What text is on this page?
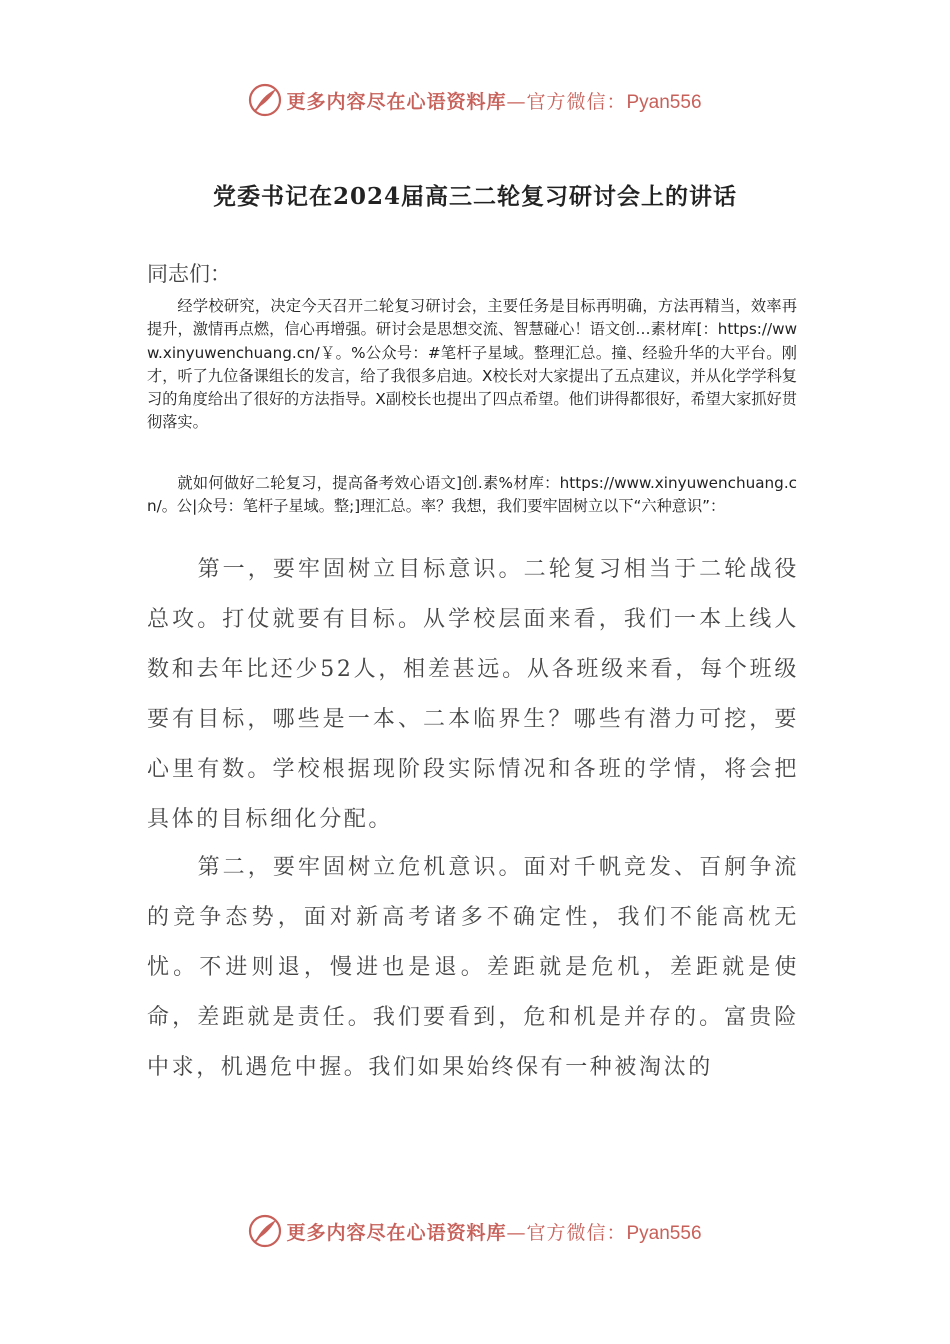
更多内容尽在心语资料库—官方微信：Pyan556
党委书记在2024届高三二轮复习研讨会上的讲话
同志们：
经学校研究，决定今天召开二轮复习研讨会，主要任务是目标再明确，方法再精当，效率再提升，激情再点燃，信心再增强。研讨会是思想交流、智慧碰心！语文创…素材库[：https://www.xinyuwenchuang.cn/￥。%公众号：#笔杆子星域。整理汇总。撞、经验升华的大平台。刚才，听了九位备课组长的发言，给了我很多启迪。X校长对大家提出了五点建议，并从化学学科复习的角度给出了很好的方法指导。X副校长也提出了四点希望。他们讲得都很好，希望大家抓好贯彻落实。
就如何做好二轮复习，提高备考效心语文]创.素%材库：https://www.xinyuwenchuang.cn/。公|众号：笔杆子星域。整;]理汇总。率？我想，我们要牢固树立以下“六种意识”：
第一，要牢固树立目标意识。二轮复习相当于二轮战役总攻。打仗就要有目标。从学校层面来看，我们一本上线人数和去年比还少52人，相差甚远。从各班级来看，每个班级要有目标，哪些是一本、二本临界生？哪些有潜力可挖，要心里有数。学校根据现阶段实际情况和各班的学情，将会把具体的目标细化分配。
第二，要牢固树立危机意识。面对千帆竞发、百舸争流的竞争态势，面对新高考诸多不确定性，我们不能高枕无忧。不进则退，慢进也是退。差距就是危机，差距就是使命，差距就是责任。我们要看到，危和机是并存的。富贵险中求，机遇危中握。我们如果始终保有一种被淘汰的
更多内容尽在心语资料库—官方微信：Pyan556
